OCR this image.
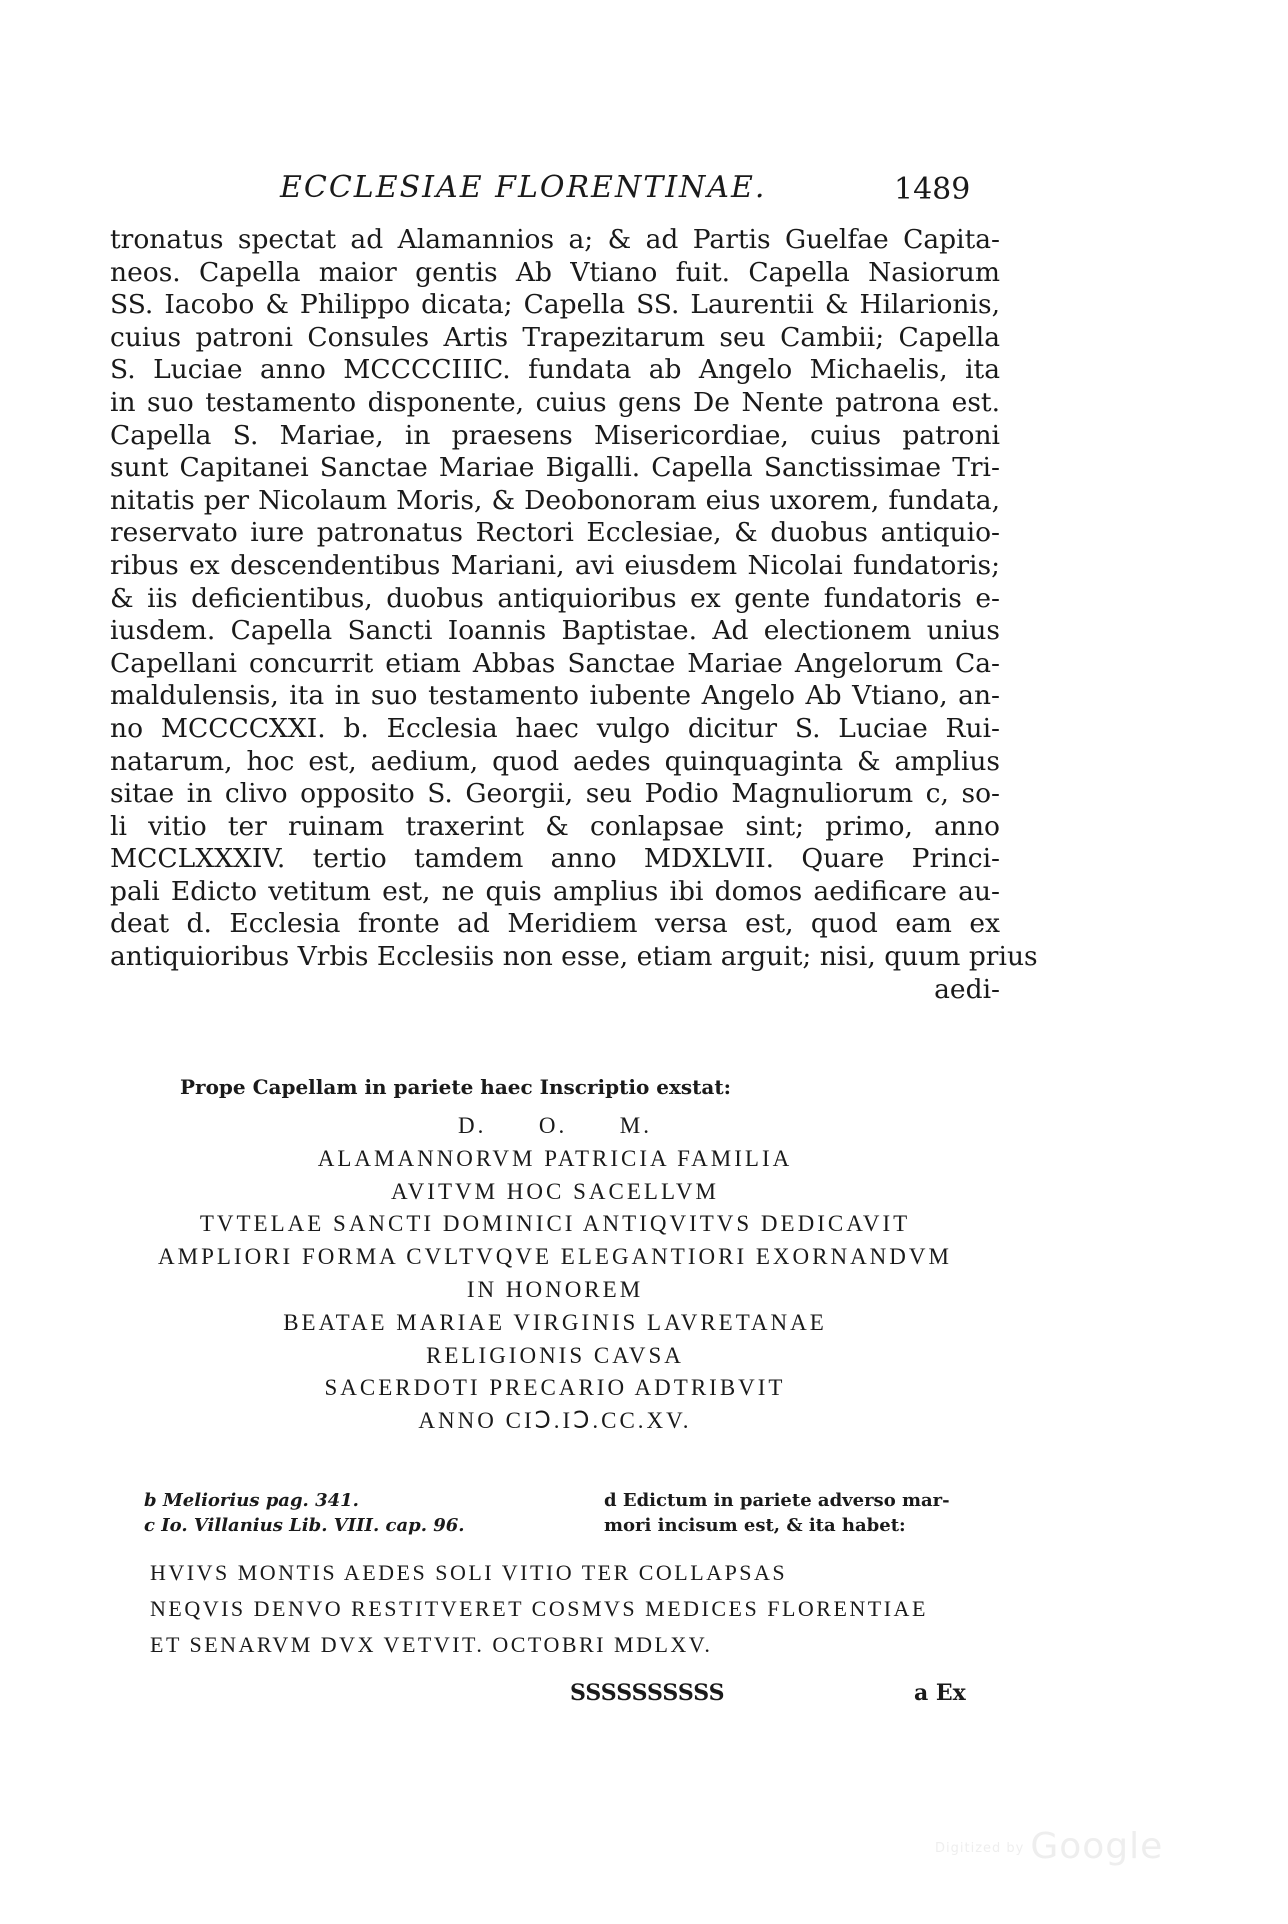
ECCLESIAE FLORENTINAE.	1489
tronatus spectat ad Alamannios a; & ad Partis Guelfae Capita-
neos. Capella maior gentis Ab Vtiano fuit. Capella Nasiorum
SS. Iacobo & Philippo dicata; Capella SS. Laurentii & Hilarionis,
cuius patroni Consules Artis Trapezitarum seu Cambii; Capella
S. Luciae anno MCCCCIIIC. fundata ab Angelo Michaelis, ita
in suo testamento disponente, cuius gens De Nente patrona est.
Capella S. Mariae, in praesens Misericordiae, cuius patroni
sunt Capitanei Sanctae Mariae Bigalli. Capella Sanctissimae Tri-
nitatis per Nicolaum Moris, & Deobonoram eius uxorem, fundata,
reservato iure patronatus Rectori Ecclesiae, & duobus antiquio-
ribus ex descendentibus Mariani, avi eiusdem Nicolai fundatoris;
& iis deficientibus, duobus antiquioribus ex gente fundatoris e-
iusdem. Capella Sancti Ioannis Baptistae. Ad electionem unius
Capellani concurrit etiam Abbas Sanctae Mariae Angelorum Ca-
maldulensis, ita in suo testamento iubente Angelo Ab Vtiano, an-
no MCCCCXXI. b. Ecclesia haec vulgo dicitur S. Luciae Rui-
natarum, hoc est, aedium, quod aedes quinquaginta & amplius
sitae in clivo opposito S. Georgii, seu Podio Magnuliorum c, so-
li vitio ter ruinam traxerint & conlapsae sint; primo, anno
MCCLXXXIV. tertio tamdem anno MDXLVII. Quare Princi-
pali Edicto vetitum est, ne quis amplius ibi domos aedificare au-
deat d. Ecclesia fronte ad Meridiem versa est, quod eam ex
antiquioribus Vrbis Ecclesiis non esse, etiam arguit; nisi, quum prius
aedi-
Prope Capellam in pariete haec Inscriptio exstat:
D.      O.      M.
ALAMANNORVM PATRICIA FAMILIA
AVITVM HOC SACELLVM
TVTELAE SANCTI DOMINICI ANTIQVITVS DEDICAVIT
AMPLIORI FORMA CVLTVQVE ELEGANTIORI EXORNANDVM
IN HONOREM
BEATAE MARIAE VIRGINIS LAVRETANAE
RELIGIONIS CAVSA
SACERDOTI PRECARIO ADTRIBVIT
ANNO CIↃ.IↃ.CC.XV.
b Meliorius pag. 341.	d Edictum in pariete adverso mar-
c Io. Villanius Lib. VIII. cap. 96.	mori incisum est, & ita habet:
HVIVS MONTIS AEDES SOLI VITIO TER COLLAPSAS
NEQVIS DENVO RESTITVERET COSMVS MEDICES FLORENTIAE
ET SENARVM DVX VETVIT. OCTOBRI MDLXV.
SSSSSSSSSS	a Ex
Digitized by Google
